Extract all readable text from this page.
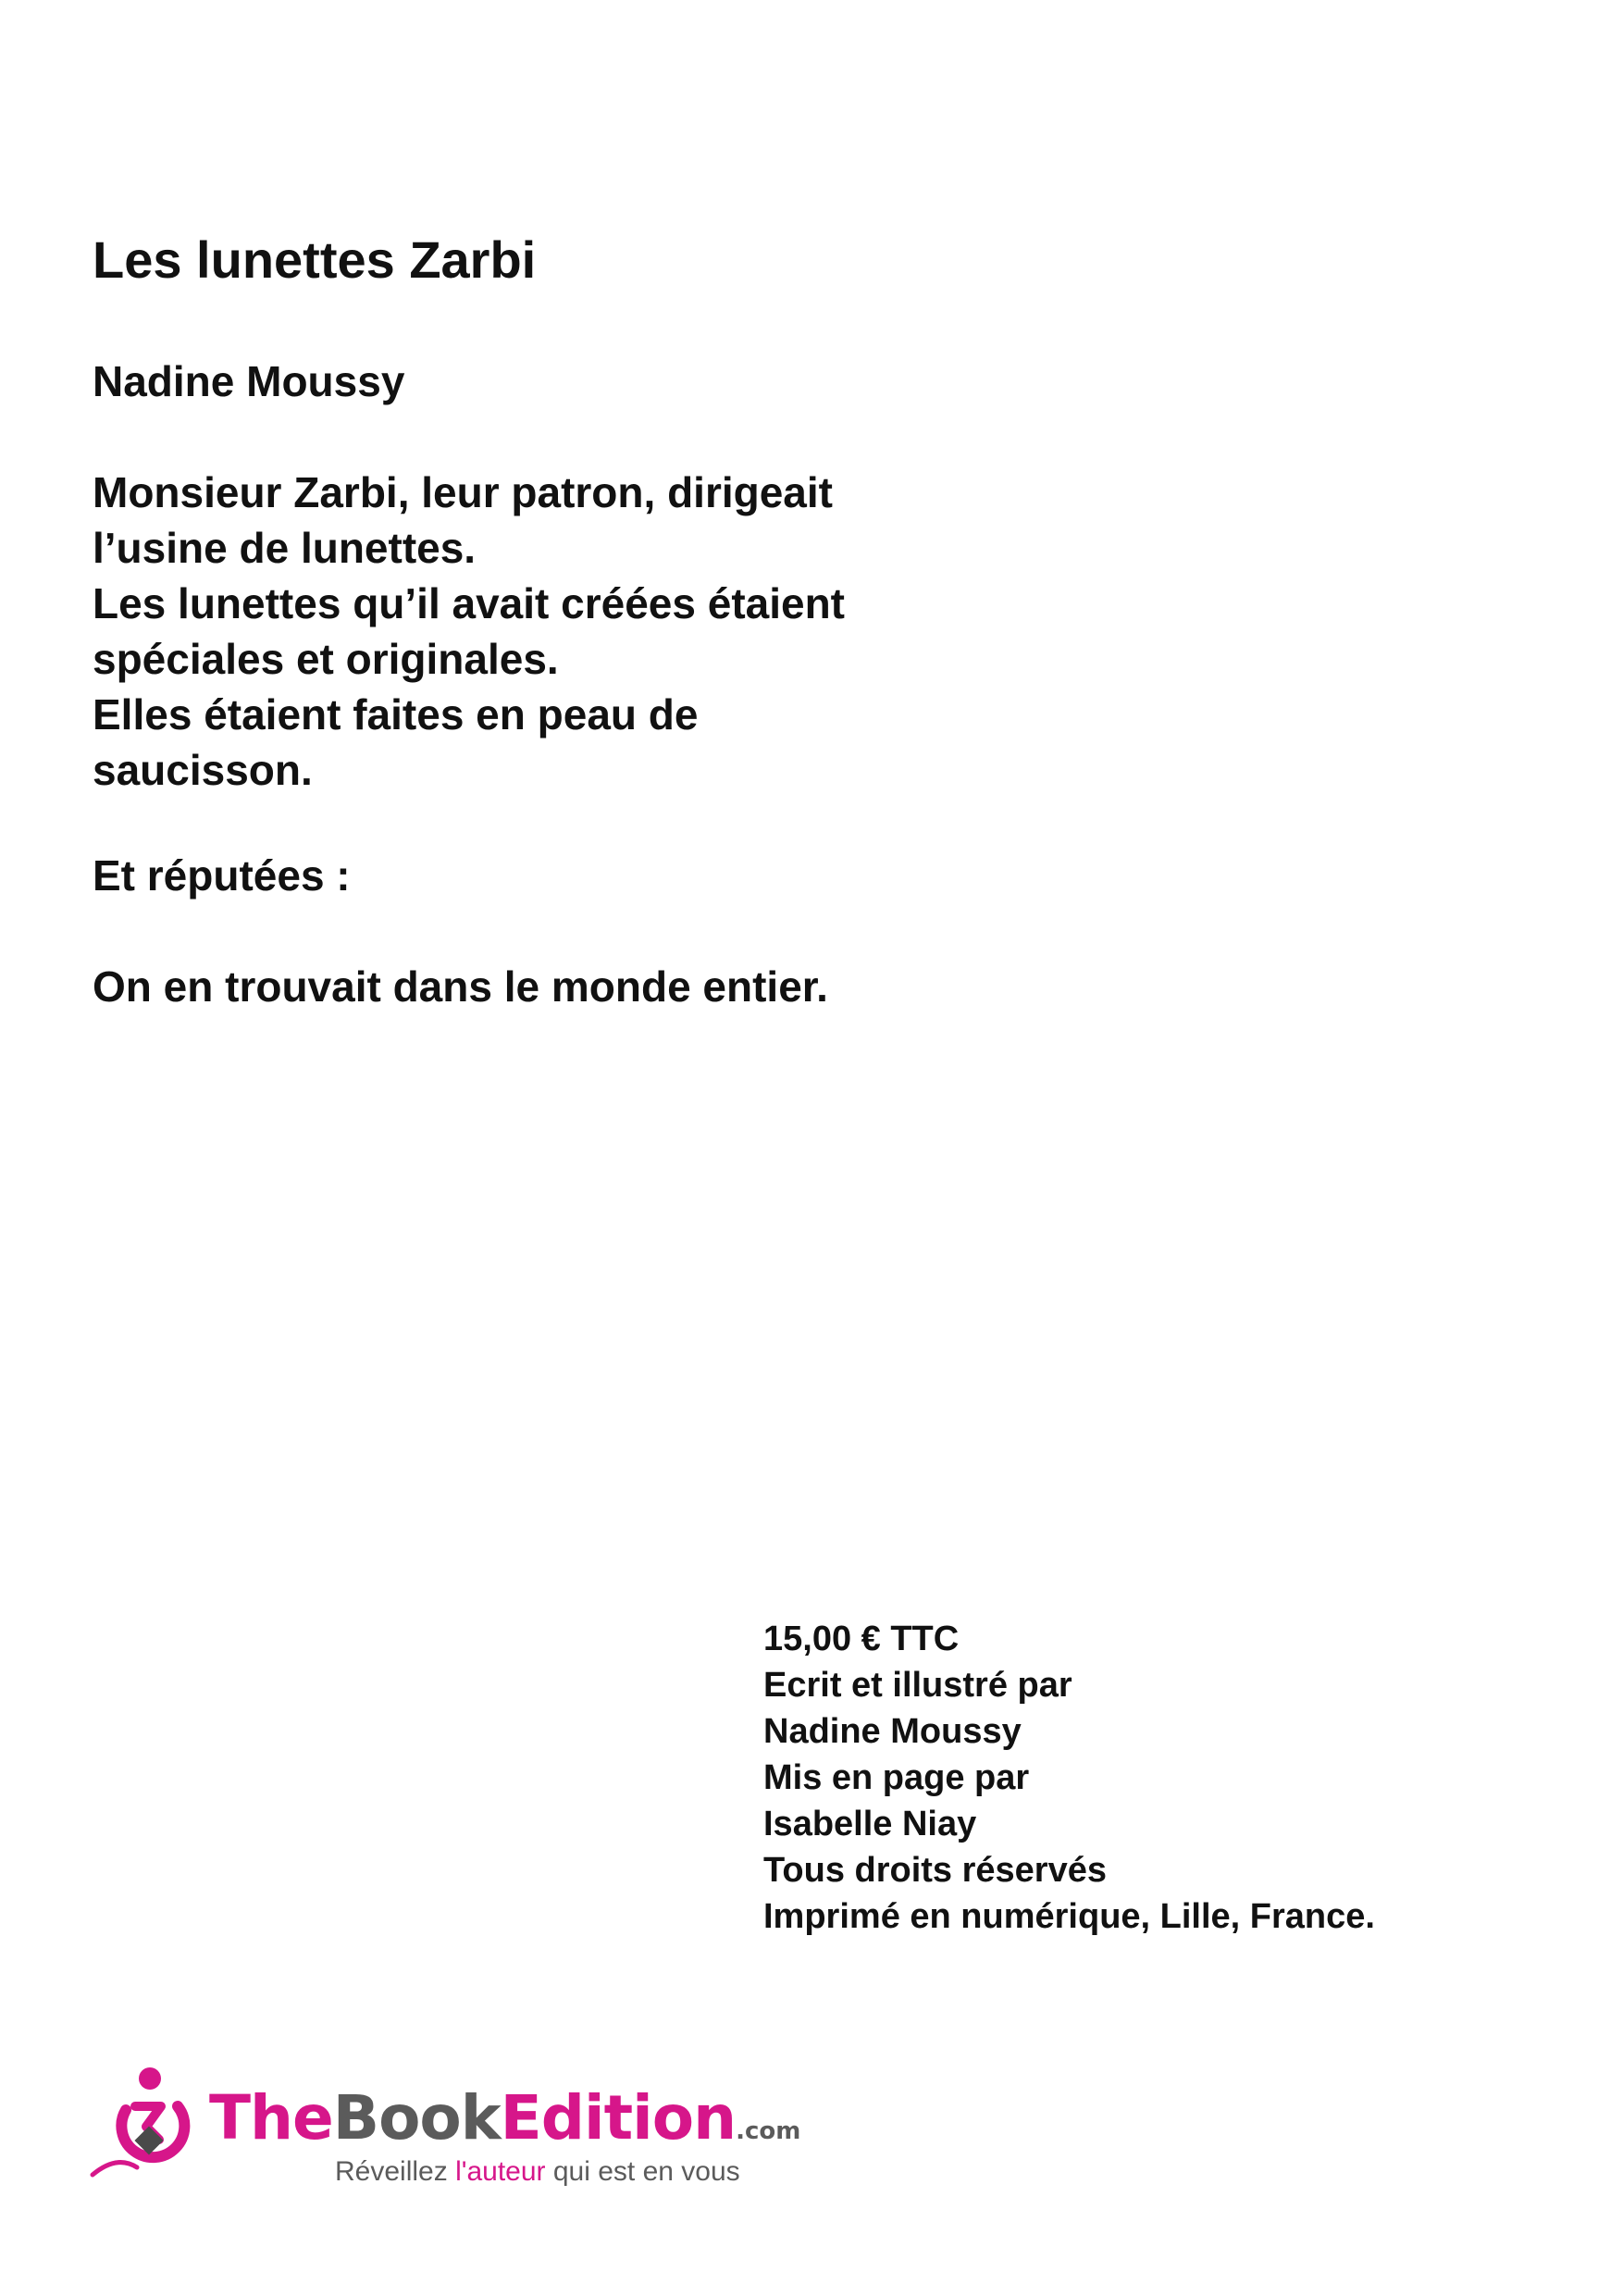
Les lunettes Zarbi

Nadine Moussy

Monsieur Zarbi, leur patron, dirigeait
l’usine de lunettes.
Les lunettes qu’il avait créées étaient
spéciales et originales.
Elles étaient faites en peau de
saucisson.

Et réputées :

On en trouvait dans le monde entier.

15,00 € TTC
Ecrit et illustré par
Nadine Moussy
Mis en page par
Isabelle Niay
Tous droits réservés
Imprimé en numérique, Lille, France.

TheBookEdition.com
Réveillez l'auteur qui est en vous
